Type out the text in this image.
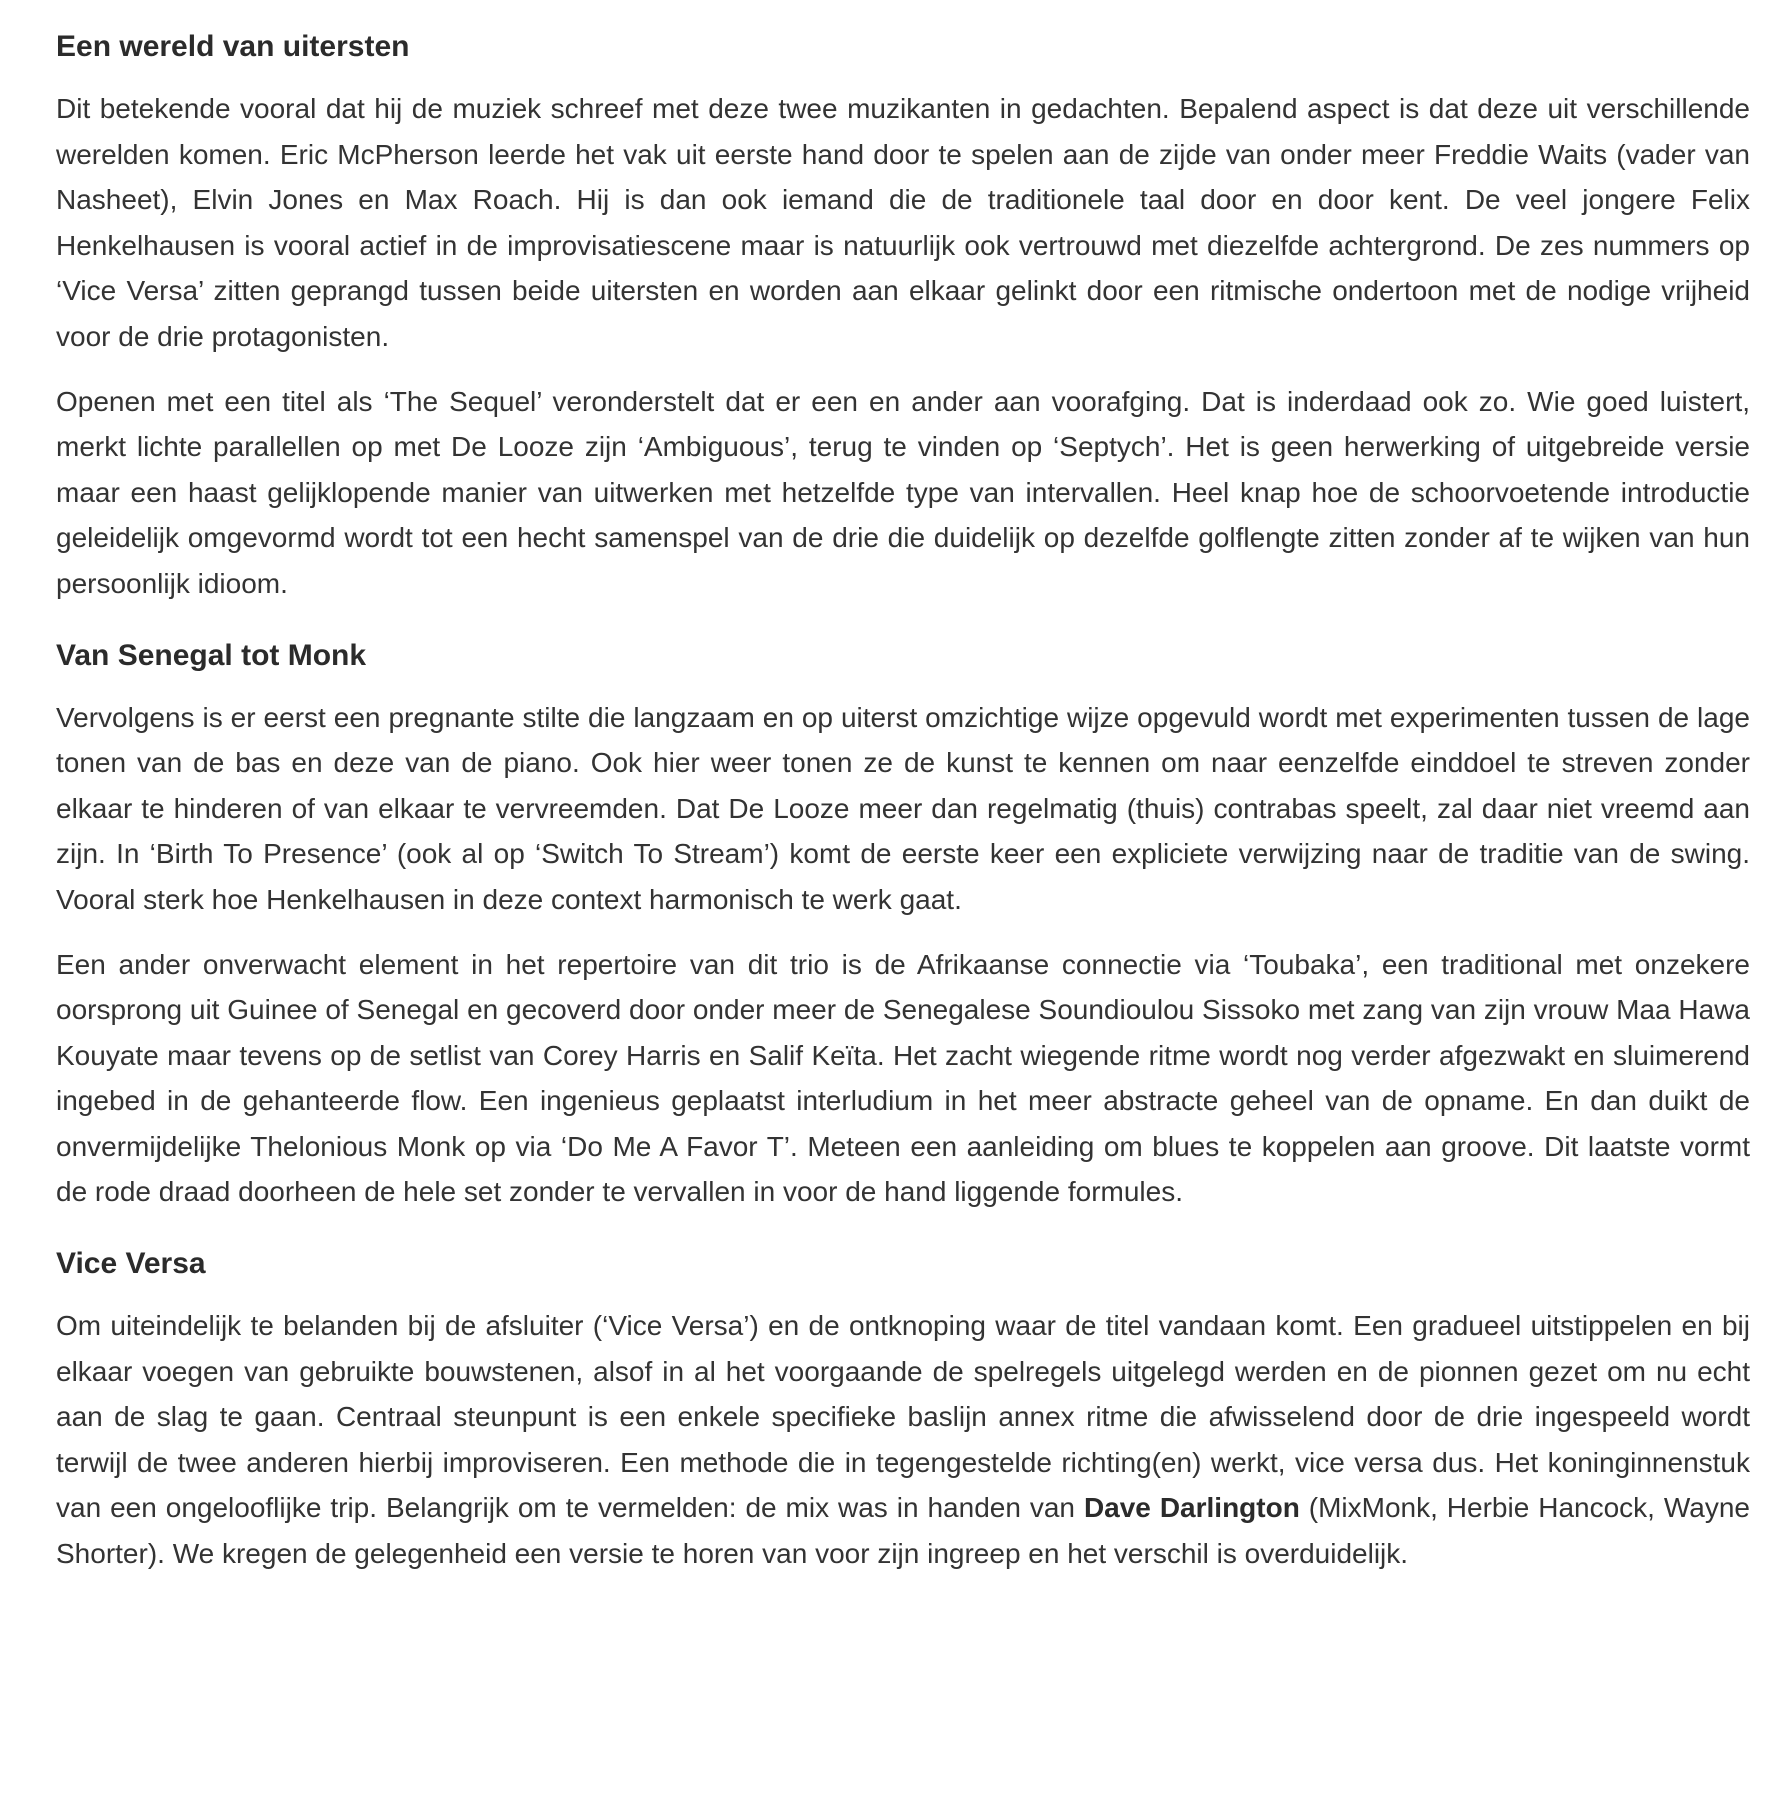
Een wereld van uitersten

Dit betekende vooral dat hij de muziek schreef met deze twee muzikanten in gedachten. Bepalend aspect is dat deze uit verschillende werelden komen. Eric McPherson leerde het vak uit eerste hand door te spelen aan de zijde van onder meer Freddie Waits (vader van Nasheet), Elvin Jones en Max Roach. Hij is dan ook iemand die de traditionele taal door en door kent. De veel jongere Felix Henkelhausen is vooral actief in de improvisatiescene maar is natuurlijk ook vertrouwd met diezelfde achtergrond. De zes nummers op ‘Vice Versa’ zitten geprangd tussen beide uitersten en worden aan elkaar gelinkt door een ritmische ondertoon met de nodige vrijheid voor de drie protagonisten.

Openen met een titel als ‘The Sequel’ veronderstelt dat er een en ander aan voorafging. Dat is inderdaad ook zo. Wie goed luistert, merkt lichte parallellen op met De Looze zijn ‘Ambiguous’, terug te vinden op ‘Septych’. Het is geen herwerking of uitgebreide versie maar een haast gelijklopende manier van uitwerken met hetzelfde type van intervallen. Heel knap hoe de schoorvoetende introductie geleidelijk omgevormd wordt tot een hecht samenspel van de drie die duidelijk op dezelfde golflengte zitten zonder af te wijken van hun persoonlijk idioom.

Van Senegal tot Monk

Vervolgens is er eerst een pregnante stilte die langzaam en op uiterst omzichtige wijze opgevuld wordt met experimenten tussen de lage tonen van de bas en deze van de piano. Ook hier weer tonen ze de kunst te kennen om naar eenzelfde einddoel te streven zonder elkaar te hinderen of van elkaar te vervreemden. Dat De Looze meer dan regelmatig (thuis) contrabas speelt, zal daar niet vreemd aan zijn. In ‘Birth To Presence’ (ook al op ‘Switch To Stream’) komt de eerste keer een expliciete verwijzing naar de traditie van de swing. Vooral sterk hoe Henkelhausen in deze context harmonisch te werk gaat.

Een ander onverwacht element in het repertoire van dit trio is de Afrikaanse connectie via ‘Toubaka’, een traditional met onzekere oorsprong uit Guinee of Senegal en gecoverd door onder meer de Senegalese Soundioulou Sissoko met zang van zijn vrouw Maa Hawa Kouyate maar tevens op de setlist van Corey Harris en Salif Keïta. Het zacht wiegende ritme wordt nog verder afgezwakt en sluimerend ingebed in de gehanteerde flow. Een ingenieus geplaatst interludium in het meer abstracte geheel van de opname. En dan duikt de onvermijdelijke Thelonious Monk op via ‘Do Me A Favor T’. Meteen een aanleiding om blues te koppelen aan groove. Dit laatste vormt de rode draad doorheen de hele set zonder te vervallen in voor de hand liggende formules.

Vice Versa

Om uiteindelijk te belanden bij de afsluiter (‘Vice Versa’) en de ontknoping waar de titel vandaan komt. Een gradueel uitstippelen en bij elkaar voegen van gebruikte bouwstenen, alsof in al het voorgaande de spelregels uitgelegd werden en de pionnen gezet om nu echt aan de slag te gaan. Centraal steunpunt is een enkele specifieke baslijn annex ritme die afwisselend door de drie ingespeeld wordt terwijl de twee anderen hierbij improviseren. Een methode die in tegengestelde richting(en) werkt, vice versa dus. Het koninginnenstuk van een ongelooflijke trip. Belangrijk om te vermelden: de mix was in handen van Dave Darlington (MixMonk, Herbie Hancock, Wayne Shorter). We kregen de gelegenheid een versie te horen van voor zijn ingreep en het verschil is overduidelijk.
